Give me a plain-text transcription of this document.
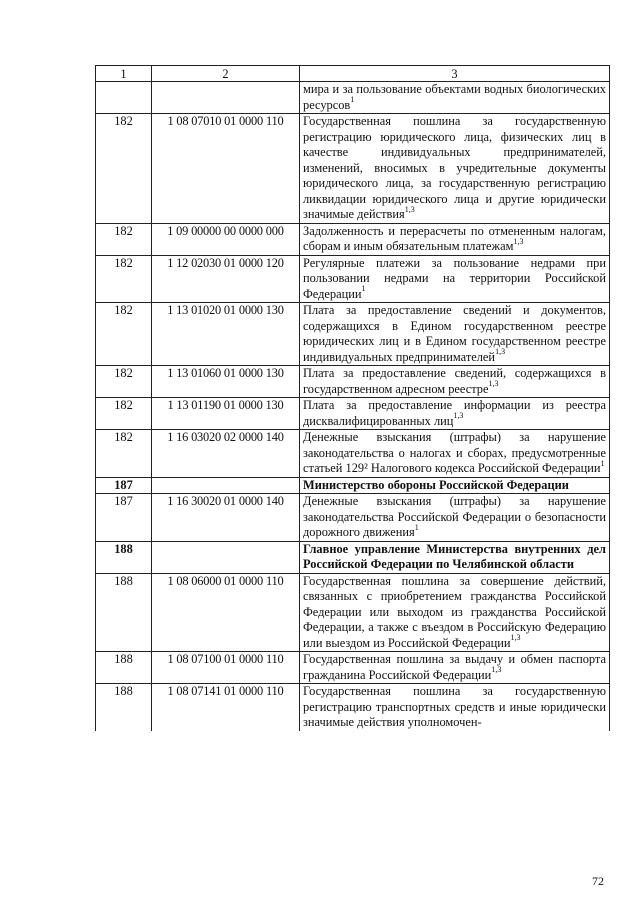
1	2	3
		мира и за пользование объектами водных биологических ресурсов$^1$
182	1 08 07010 01 0000 110	Государственная пошлина за государственную регистрацию юридического лица, физических лиц в качестве индивидуальных предпринимателей, изменений, вносимых в учредительные документы юридического лица, за государственную регистрацию ликвидации юридического лица и другие юридически значимые действия$^{1,3}$
182	1 09 00000 00 0000 000	Задолженность и перерасчеты по отмененным налогам, сборам и иным обязательным платежам$^{1,3}$
182	1 12 02030 01 0000 120	Регулярные платежи за пользование недрами при пользовании недрами на территории Российской Федерации$^1$
182	1 13 01020 01 0000 130	Плата за предоставление сведений и документов, содержащихся в Едином государственном реестре юридических лиц и в Едином государственном реестре индивидуальных предпринимателей$^{1,3}$
182	1 13 01060 01 0000 130	Плата за предоставление сведений, содержащихся в государственном адресном реестре$^{1,3}$
182	1 13 01190 01 0000 130	Плата за предоставление информации из реестра дисквалифицированных лиц$^{1,3}$
182	1 16 03020 02 0000 140	Денежные взыскания (штрафы) за нарушение законодательства о налогах и сборах, предусмотренные статьей 129² Налогового кодекса Российской Федерации$^1$
187		Министерство обороны Российской Федерации
187	1 16 30020 01 0000 140	Денежные взыскания (штрафы) за нарушение законодательства Российской Федерации о безопасности дорожного движения$^1$
188		Главное управление Министерства внутренних дел Российской Федерации по Челябинской области
188	1 08 06000 01 0000 110	Государственная пошлина за совершение действий, связанных с приобретением гражданства Российской Федерации или выходом из гражданства Российской Федерации, а также с въездом в Российскую Федерацию или выездом из Российской Федерации$^{1,3}$
188	1 08 07100 01 0000 110	Государственная пошлина за выдачу и обмен паспорта гражданина Российской Федерации$^{1,3}$
188	1 08 07141 01 0000 110	Государственная пошлина за государственную регистрацию транспортных средств и иные юридически значимые действия уполномочен-
72
